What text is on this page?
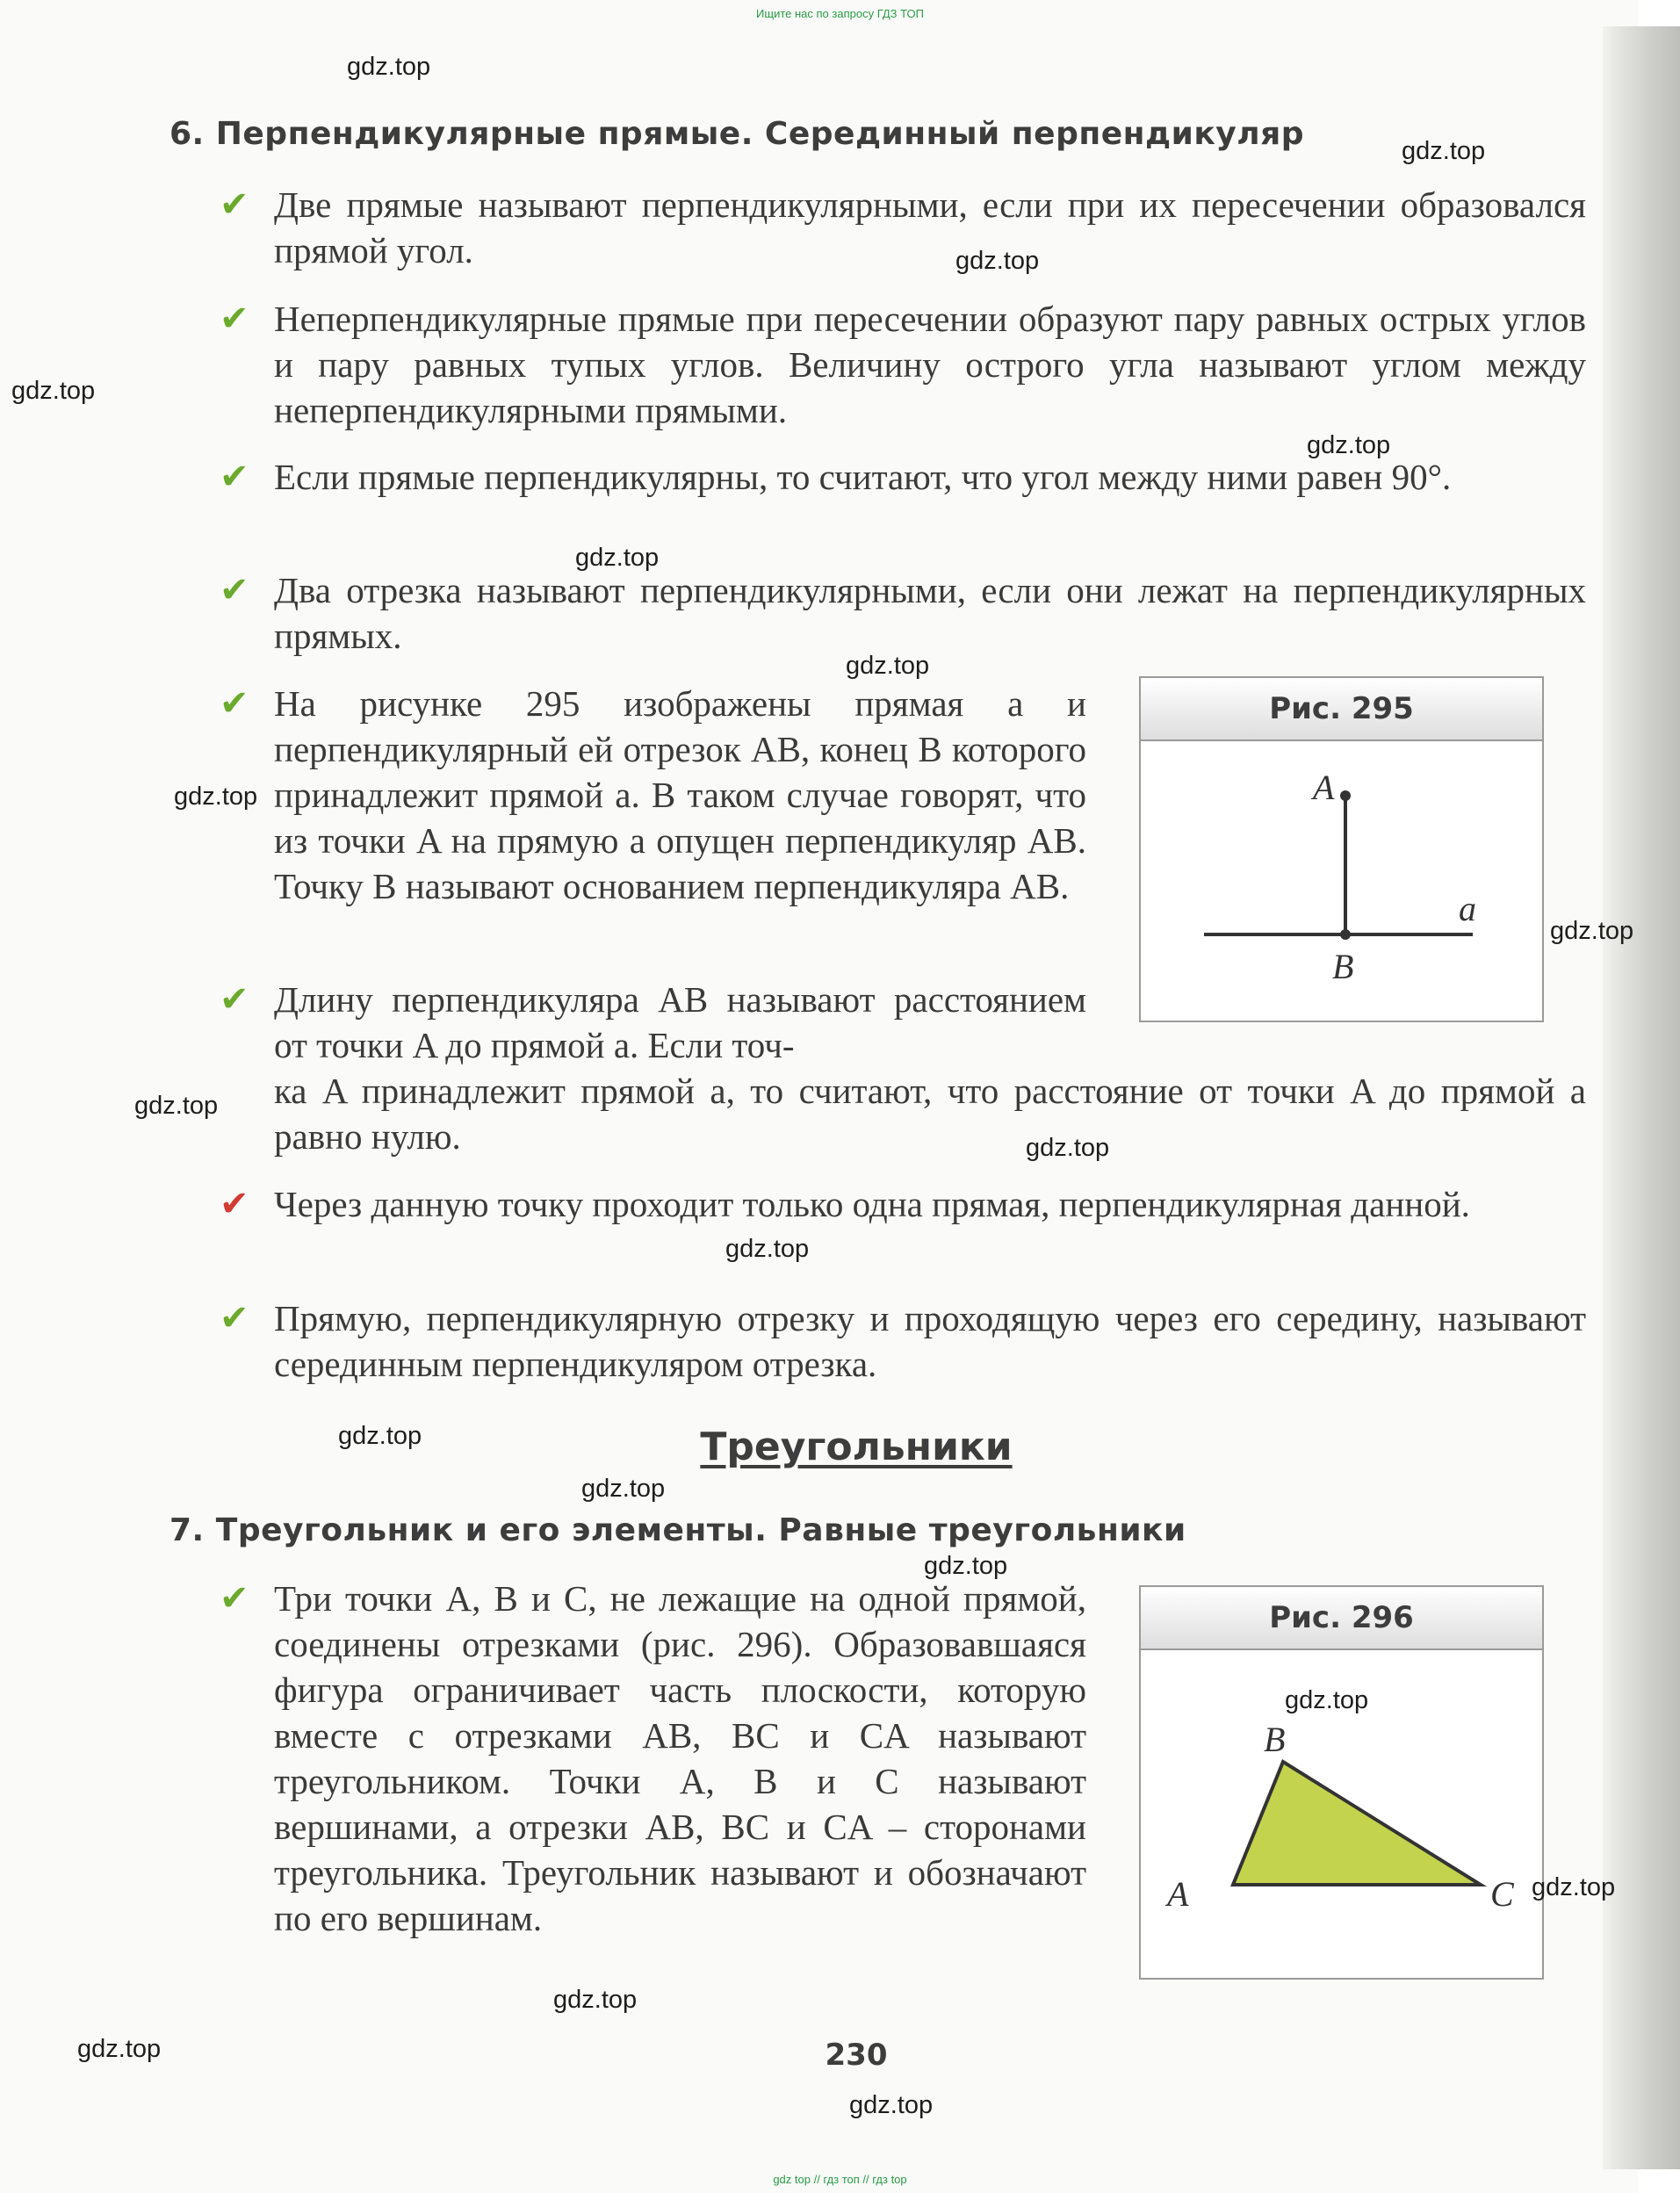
Ищите нас по запросу ГДЗ ТОП
6. Перпендикулярные прямые. Серединный перпендикуляр
✔ Две прямые называют перпендикулярными, если при их пересечении образовался прямой угол.

✔ Неперпендикулярные прямые при пересечении образуют пару равных острых углов и пару равных тупых углов. Величину острого угла называют углом между неперпендикулярными прямыми.

✔ Если прямые перпендикулярны, то считают, что угол между ними равен 90°.

✔ Два отрезка называют перпендикулярными, если они лежат на перпендикулярных прямых.

✔ На рисунке 295 изображены прямая a и перпендикулярный ей отрезок AB, конец B которого принадлежит прямой a. В таком случае говорят, что из точки A на прямую a опущен перпендикуляр AB. Точку B называют основанием перпендикуляра AB.

✔ Длину перпендикуляра AB называют расстоянием от точки A до прямой a. Если точ-

ка A принадлежит прямой a, то считают, что расстояние от точки A до прямой a равно нулю.

✔ Через данную точку проходит только одна прямая, перпендикулярная данной.

✔ Прямую, перпендикулярную отрезку и проходящую через его середину, называют серединным перпендикуляром отрезка.

Рис. 295
A
B
a
Треугольники
7. Треугольник и его элементы. Равные треугольники
✔ Три точки A, B и C, не лежащие на одной прямой, соединены отрезками (рис. 296). Образовавшаяся фигура ограничивает часть плоскости, которую вместе с отрезками AB, BC и CA называют треугольником. Точки A, B и C называют вершинами, а отрезки AB, BC и CA – сторонами треугольника. Треугольник называют и обозначают по его вершинам.

Рис. 296
A
B
C
230
gdz.top
gdz.top
gdz.top
gdz.top
gdz.top
gdz.top
gdz.top
gdz.top
gdz.top
gdz.top
gdz.top
gdz.top
gdz.top
gdz.top
gdz.top
gdz.top
gdz.top
gdz.top
gdz.top
gdz.top
gdz top // гдз топ // гдз top
